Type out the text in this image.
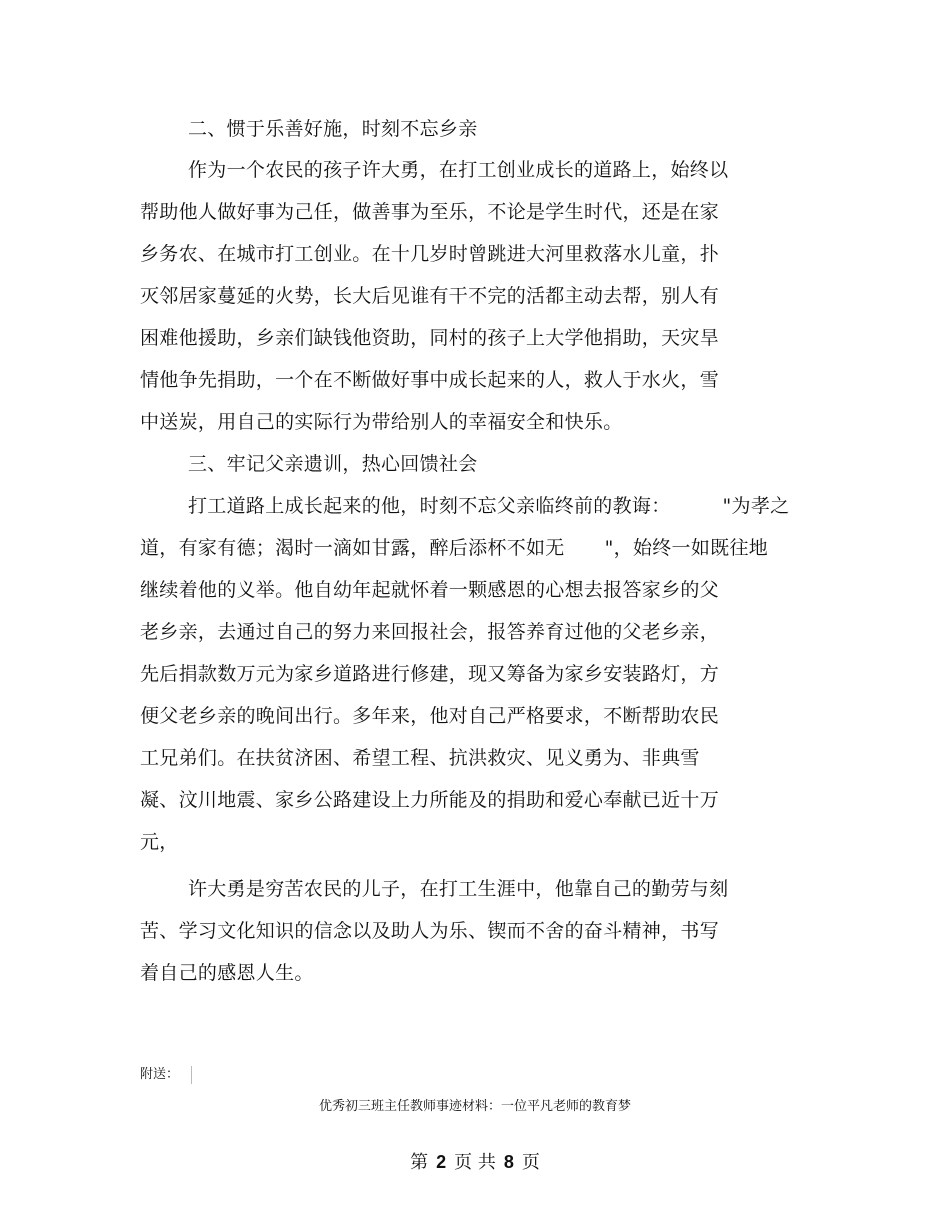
二、惯于乐善好施，时刻不忘乡亲
作为一个农民的孩子许大勇，在打工创业成长的道路上，始终以
帮助他人做好事为己任，做善事为至乐，不论是学生时代，还是在家
乡务农、在城市打工创业。在十几岁时曾跳进大河里救落水儿童，扑
灭邻居家蔓延的火势，长大后见谁有干不完的活都主动去帮，别人有
困难他援助，乡亲们缺钱他资助，同村的孩子上大学他捐助，天灾旱
情他争先捐助，一个在不断做好事中成长起来的人，救人于水火，雪
中送炭，用自己的实际行为带给别人的幸福安全和快乐。
三、牢记父亲遗训，热心回馈社会
打工道路上成长起来的他，时刻不忘父亲临终前的教诲：	"为孝之
道，有家有德；渴时一滴如甘露，醉后添杯不如无 "，始终一如既往地
继续着他的义举。他自幼年起就怀着一颗感恩的心想去报答家乡的父
老乡亲，去通过自己的努力来回报社会，报答养育过他的父老乡亲，
先后捐款数万元为家乡道路进行修建，现又筹备为家乡安装路灯，方
便父老乡亲的晚间出行。多年来，他对自己严格要求，不断帮助农民
工兄弟们。在扶贫济困、希望工程、抗洪救灾、见义勇为、非典雪
凝、汶川地震、家乡公路建设上力所能及的捐助和爱心奉献已近十万
元，
许大勇是穷苦农民的儿子，在打工生涯中，他靠自己的勤劳与刻
苦、学习文化知识的信念以及助人为乐、锲而不舍的奋斗精神，书写
着自己的感恩人生。
附送：
优秀初三班主任教师事迹材料：一位平凡老师的教育梦
第 2 页 共 8 页
